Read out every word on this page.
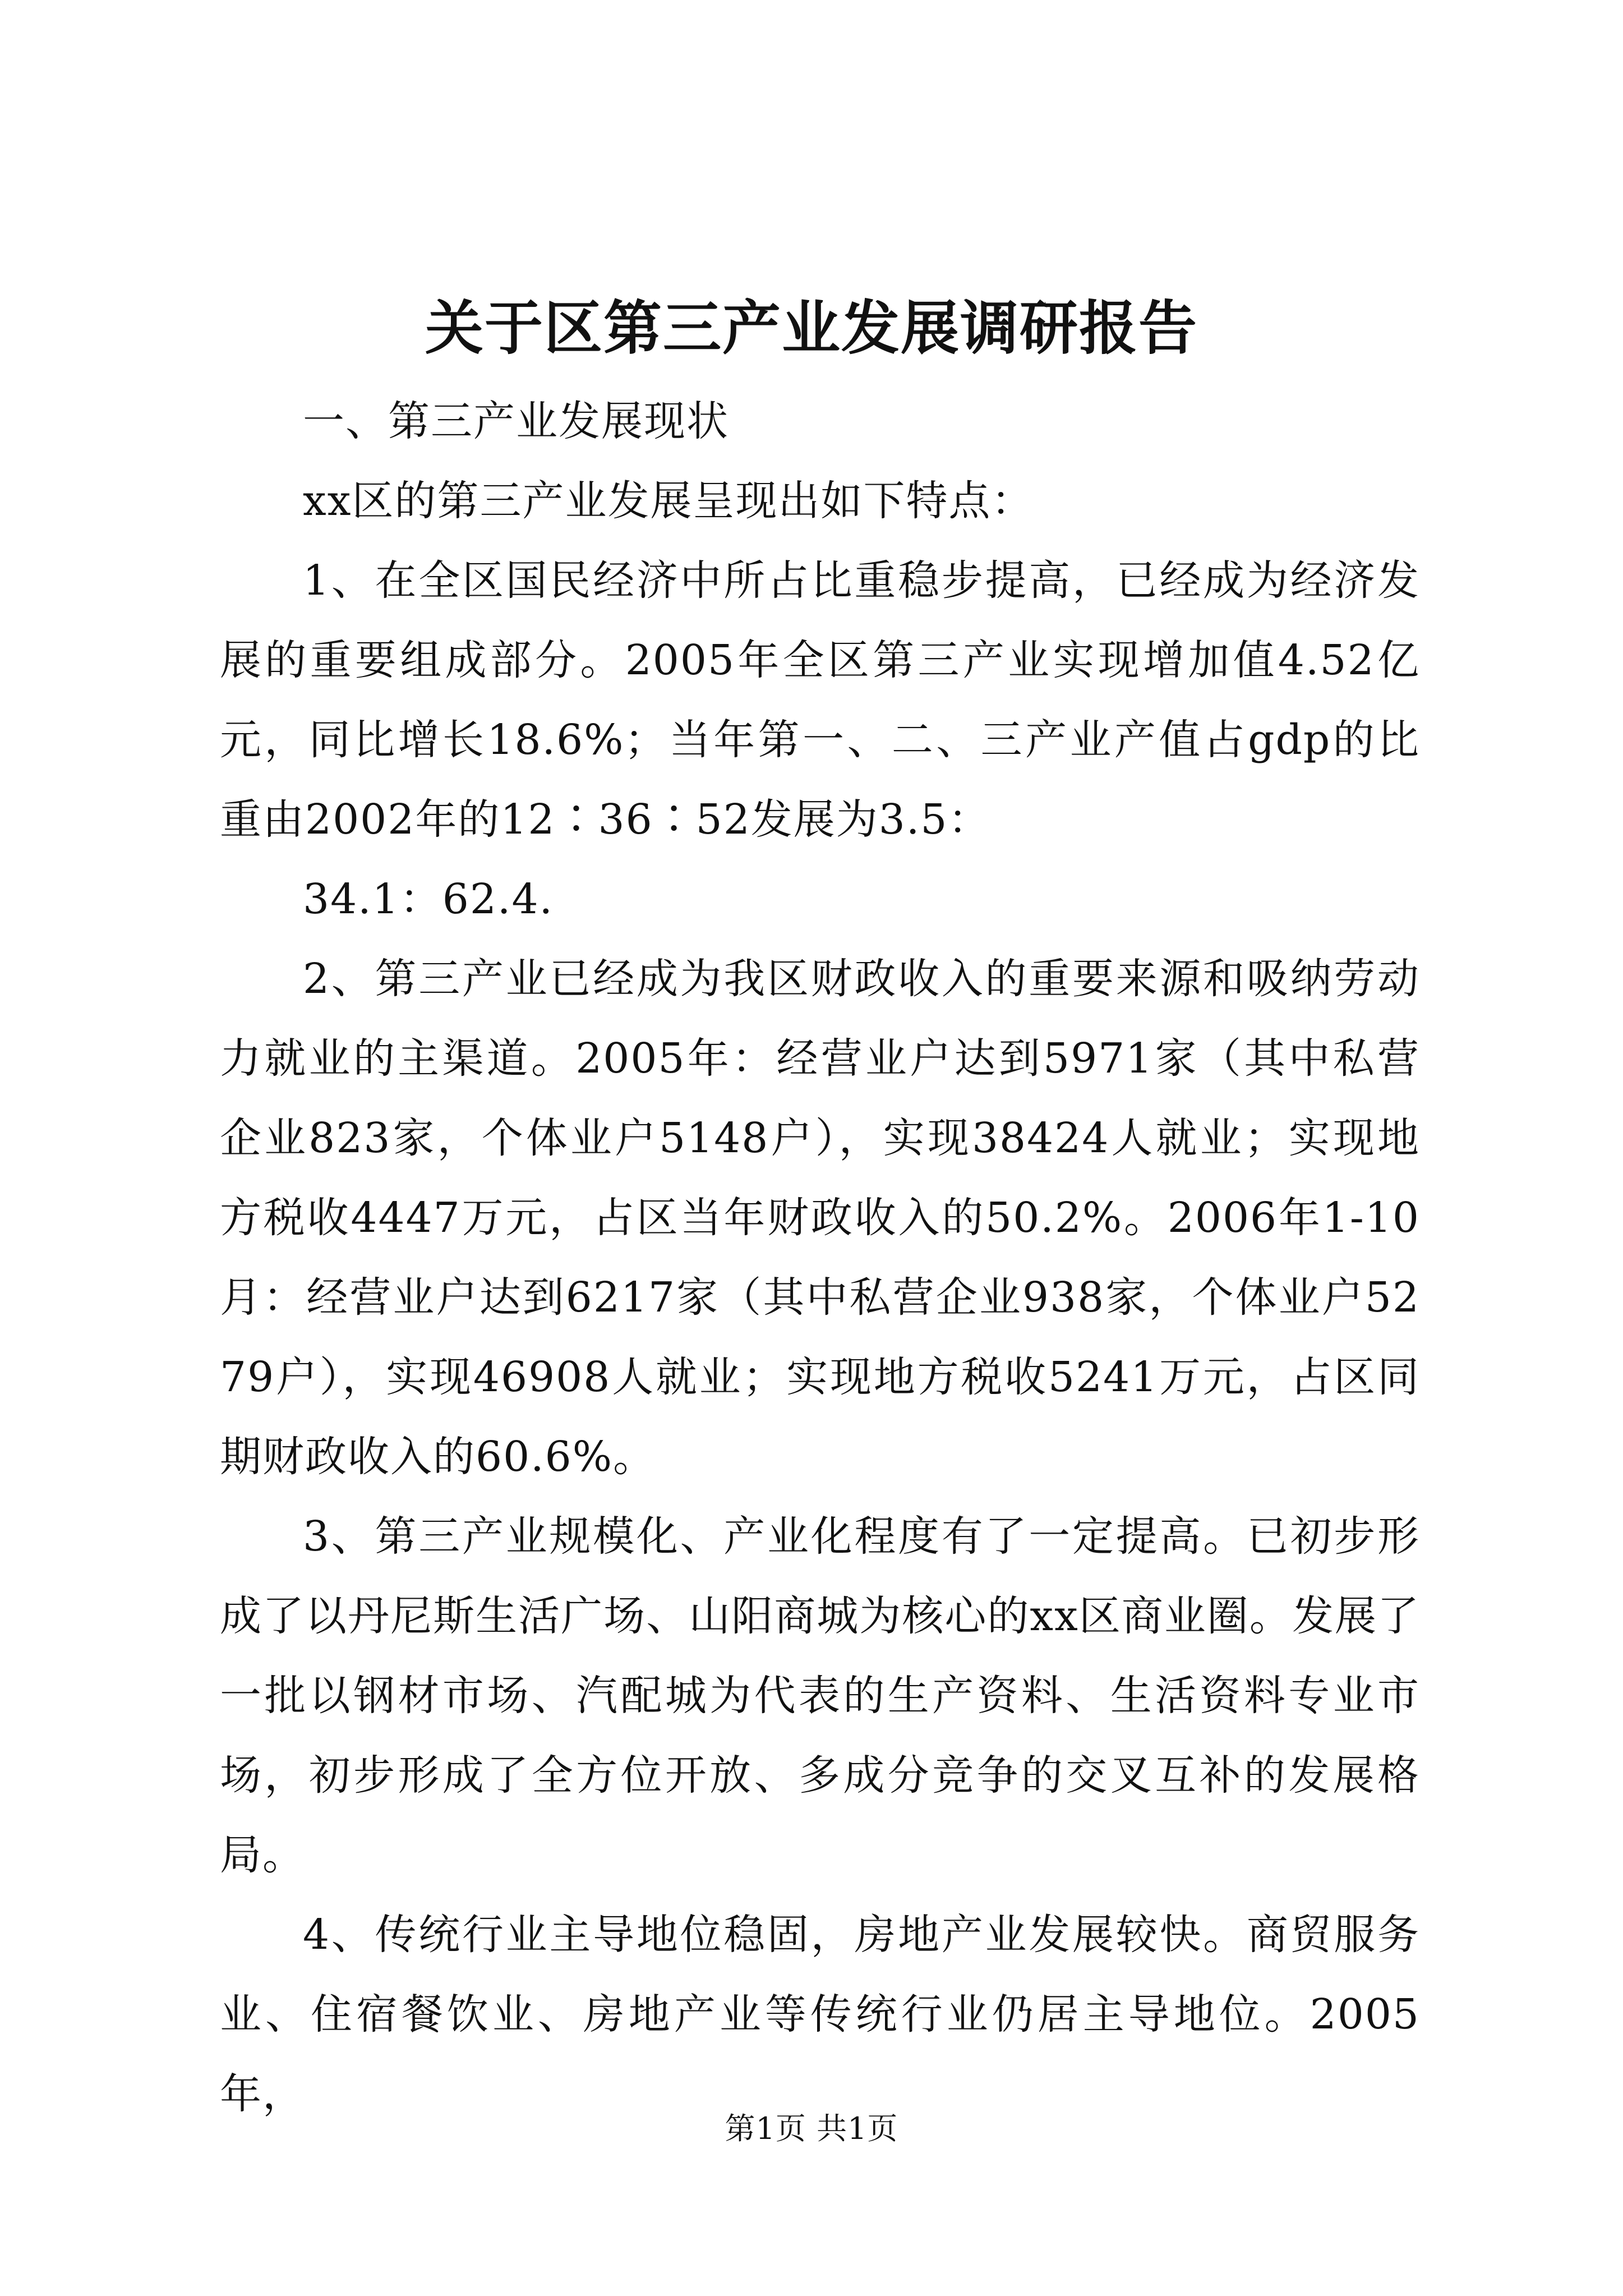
关于区第三产业发展调研报告

一、第三产业发展现状

xx区的第三产业发展呈现出如下特点：

1、在全区国民经济中所占比重稳步提高，已经成为经济发展的重要组成部分。2005年全区第三产业实现增加值4.52亿元，同比增长18.6%；当年第一、二、三产业产值占gdp的比重由2002年的12∶36∶52发展为3.5：

34.1：62.4.

2、第三产业已经成为我区财政收入的重要来源和吸纳劳动力就业的主渠道。2005年：经营业户达到5971家（其中私营企业823家，个体业户5148户），实现38424人就业；实现地方税收4447万元，占区当年财政收入的50.2%。2006年1-10月：经营业户达到6217家（其中私营企业938家，个体业户5279户），实现46908人就业；实现地方税收5241万元，占区同期财政收入的60.6%。

3、第三产业规模化、产业化程度有了一定提高。已初步形成了以丹尼斯生活广场、山阳商城为核心的xx区商业圈。发展了一批以钢材市场、汽配城为代表的生产资料、生活资料专业市场，初步形成了全方位开放、多成分竞争的交叉互补的发展格局。

4、传统行业主导地位稳固，房地产业发展较快。商贸服务业、住宿餐饮业、房地产业等传统行业仍居主导地位。2005年，

第1页 共1页
